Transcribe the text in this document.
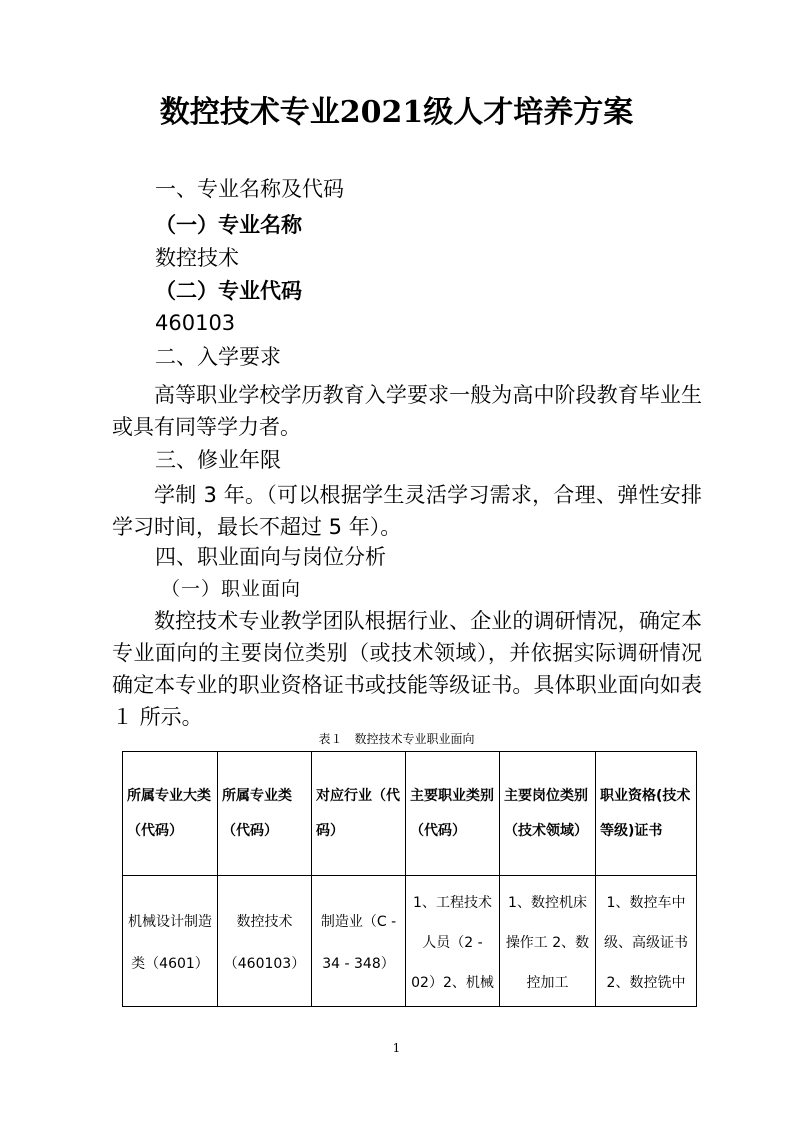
数控技术专业2021级人才培养方案
一、专业名称及代码
（一）专业名称
数控技术
（二）专业代码
460103
二、入学要求
高等职业学校学历教育入学要求一般为高中阶段教育毕业生或具有同等学力者。
三、修业年限
学制 3 年。（可以根据学生灵活学习需求，合理、弹性安排学习时间，最长不超过 5 年）。
四、职业面向与岗位分析
（一）职业面向
数控技术专业教学团队根据行业、企业的调研情况，确定本专业面向的主要岗位类别（或技术领域），并依据实际调研情况确定本专业的职业资格证书或技能等级证书。具体职业面向如表１ 所示。
表１　数控技术专业职业面向
所属专业大类（代码）	所属专业类（代码）	对应行业（代码）	主要职业类别（代码）	主要岗位类别（技术领域）	职业资格(技术等级)证书

机械设计制造类（4601）	数控技术（460103）	制造业（C - 34 - 348）	1、工程技术人员（2 - 02）2、机械	1、数控机床操作工 2、数控加工	1、数控车中级、高级证书 2、数控铣中
1
